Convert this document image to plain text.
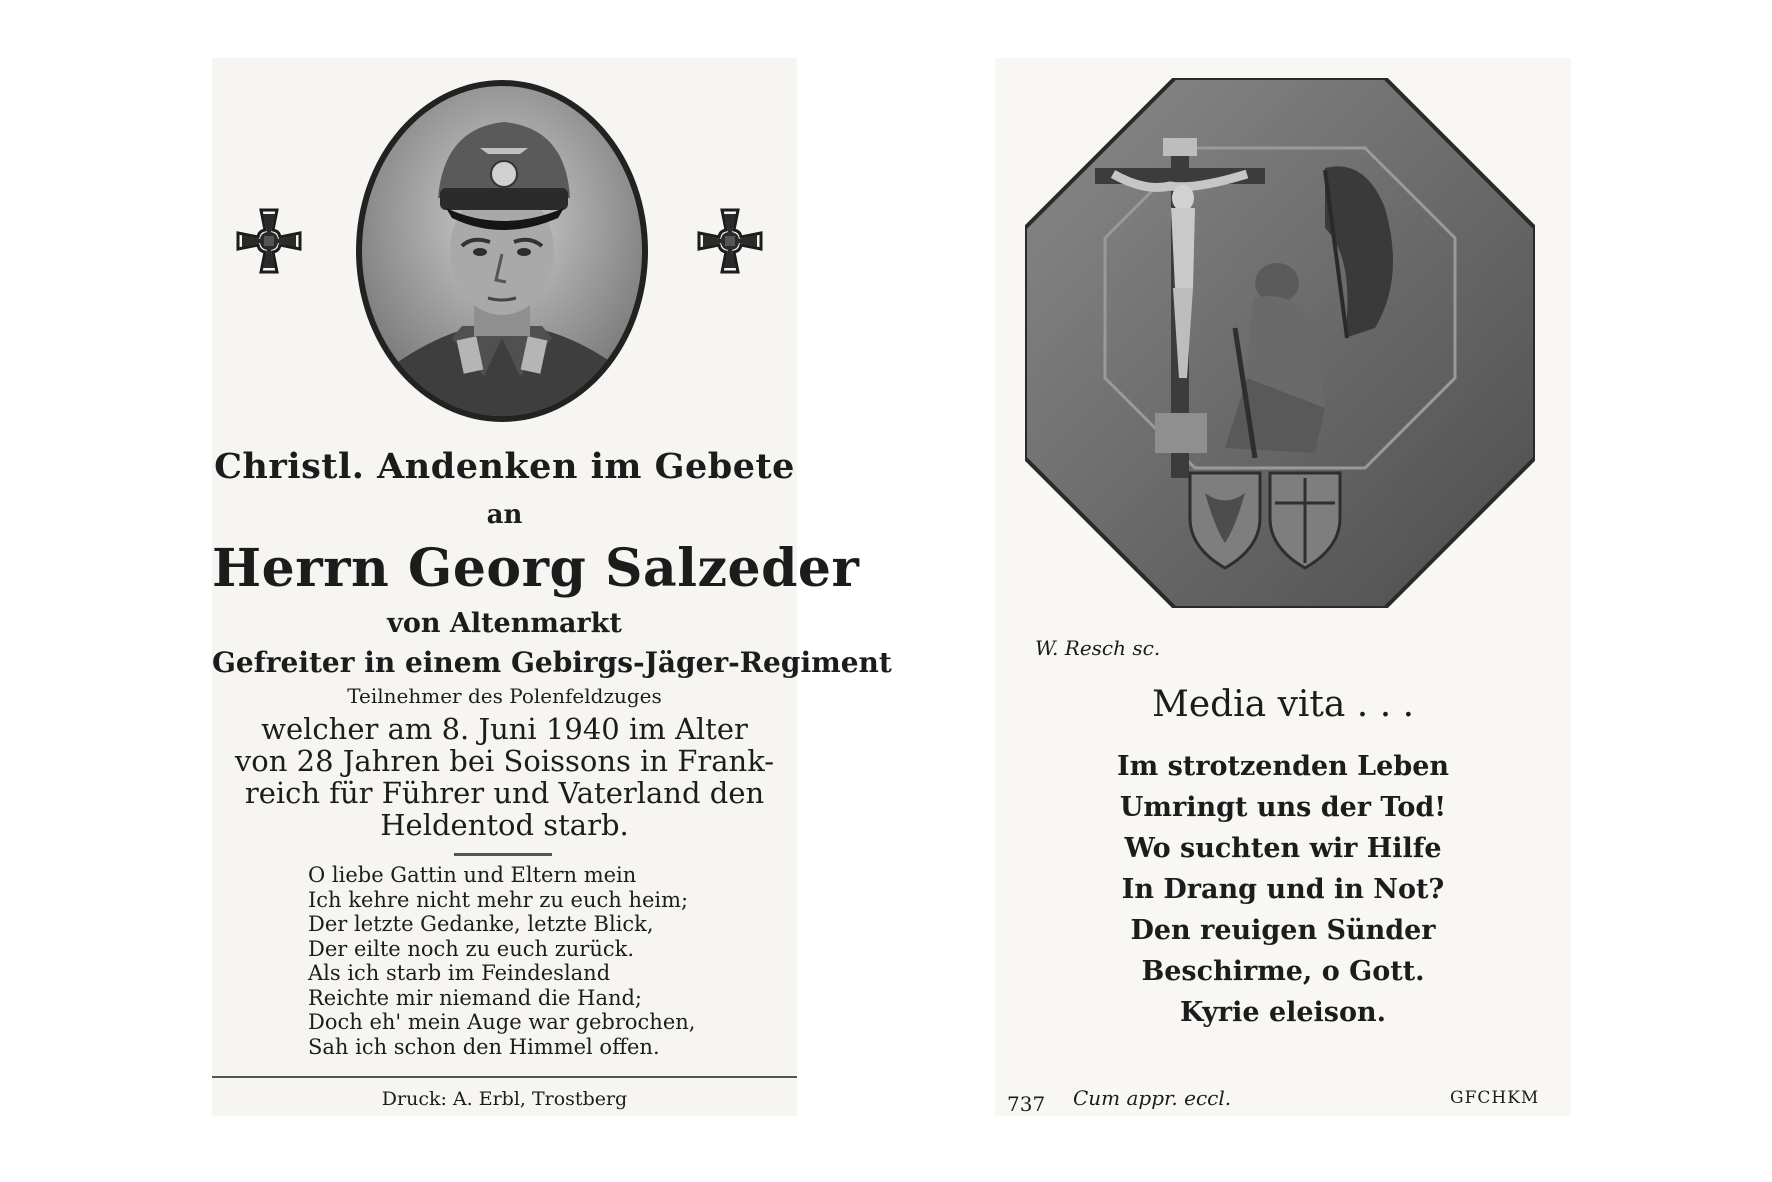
Christl. Andenken im Gebete
an
Herrn Georg Salzeder
von Altenmarkt
Gefreiter in einem Gebirgs-Jäger-Regiment
Teilnehmer des Polenfeldzuges
welcher am 8. Juni 1940 im Alter
von 28 Jahren bei Soissons in Frank-
reich für Führer und Vaterland den
Heldentod starb.
O liebe Gattin und Eltern mein
Ich kehre nicht mehr zu euch heim;
Der letzte Gedanke, letzte Blick,
Der eilte noch zu euch zurück.
Als ich starb im Feindesland
Reichte mir niemand die Hand;
Doch eh' mein Auge war gebrochen,
Sah ich schon den Himmel offen.
Druck: A. Erbl, Trostberg
W. Resch sc.
Media vita . . .
Im strotzenden Leben
Umringt uns der Tod!
Wo suchten wir Hilfe
In Drang und in Not?
Den reuigen Sünder
Beschirme, o Gott.
Kyrie eleison.
737 Cum appr. eccl.	GFCHKM
